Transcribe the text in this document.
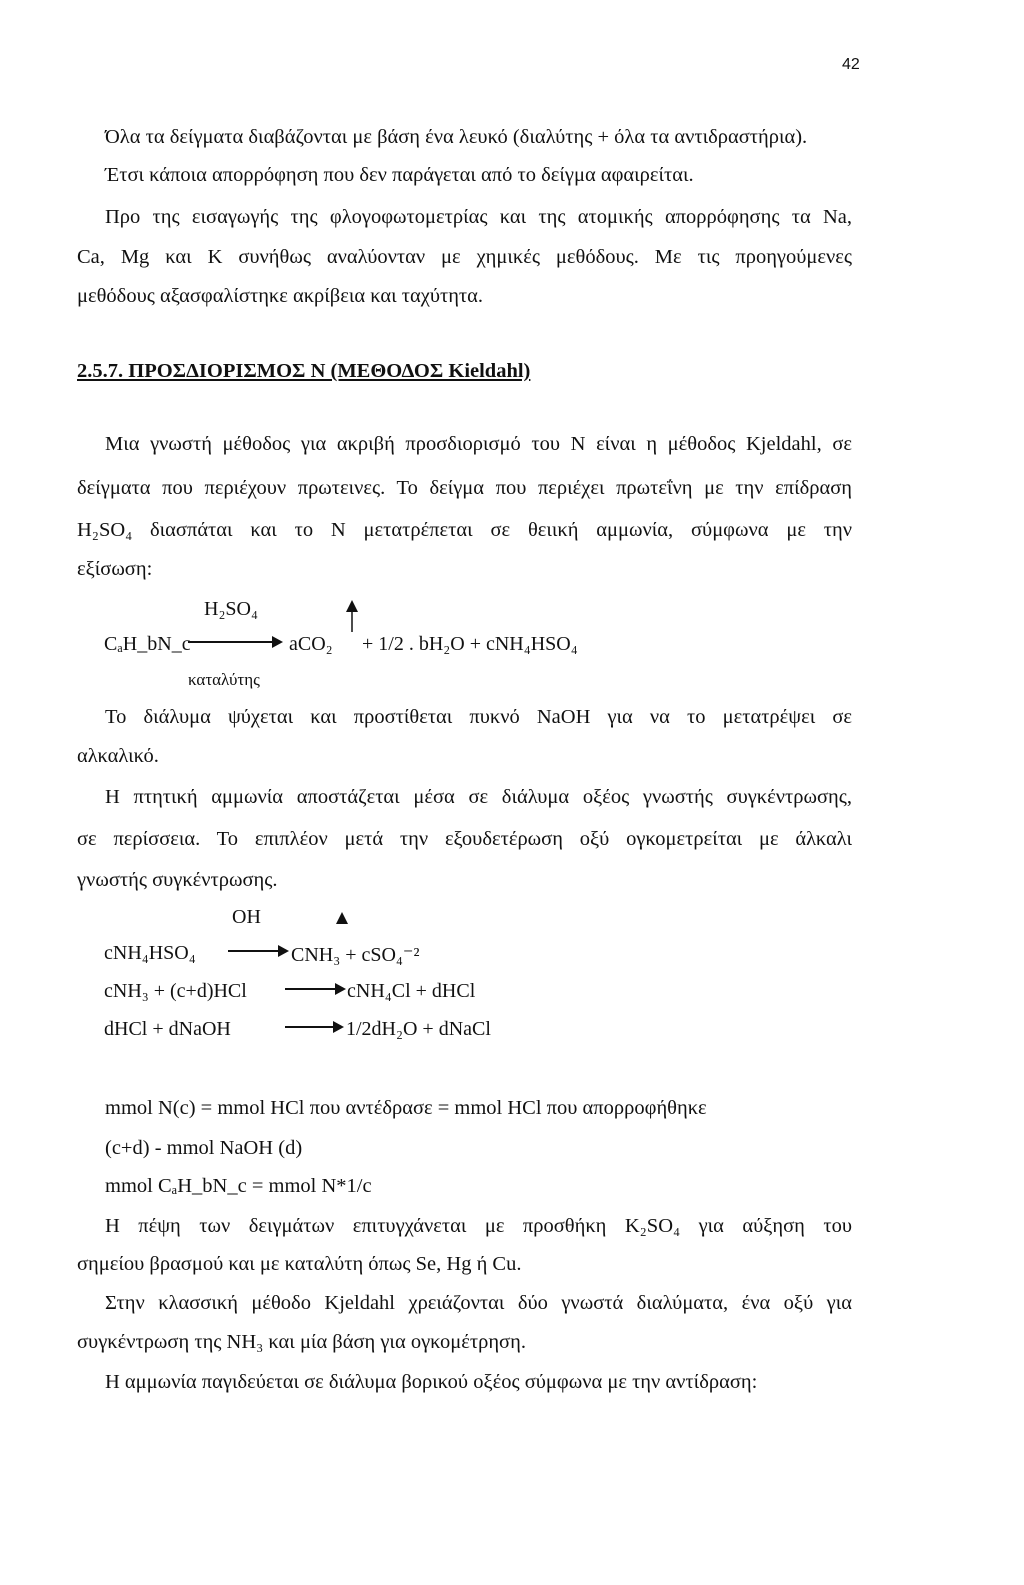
42
Όλα τα δείγματα διαβάζονται με βάση ένα λευκό (διαλύτης + όλα τα αντιδραστήρια).
Έτσι κάποια απορρόφηση που δεν παράγεται από το δείγμα αφαιρείται.
Προ της εισαγωγής της φλογοφωτομετρίας και της ατομικής απορρόφησης τα Na,
Ca, Mg και K συνήθως αναλύονταν με χημικές μεθόδους. Με τις προηγούμενες
μεθόδους αξασφαλίστηκε ακρίβεια και ταχύτητα.
2.5.7. ΠΡΟΣΔΙΟΡΙΣΜΟΣ Ν (ΜΕΘΟΔΟΣ Kieldahl)
Μια γνωστή μέθοδος για ακριβή προσδιορισμό του Ν είναι η μέθοδος Kjeldahl, σε
δείγματα που περιέχουν πρωτεινες. Το δείγμα που περιέχει πρωτεΐνη με την επίδραση
H₂SO₄ διασπάται και το Ν μετατρέπεται σε θειική αμμωνία, σύμφωνα με την
εξίσωση:
H₂SO₄
CₐH_bN_c	aCO₂ + 1/2 . bH₂O + cNH₄HSO₄
καταλύτης
Το διάλυμα ψύχεται και προστίθεται πυκνό NaOH για να το μετατρέψει σε
αλκαλικό.
Η πτητική αμμωνία αποστάζεται μέσα σε διάλυμα οξέος γνωστής συγκέντρωσης,
σε περίσσεια. Το επιπλέον μετά την εξουδετέρωση οξύ ογκομετρείται με άλκαλι
γνωστής συγκέντρωσης.
OH
cNH₄HSO₄ → CNH₃ + cSO₄⁻²
cNH₃ + (c+d)HCl → cNH₄Cl + dHCl
dHCl + dNaOH	→ 1/2dH₂O + dNaCl
mmol N(c) = mmol HCl που αντέδρασε = mmol HCl που απορροφήθηκε
(c+d) - mmol NaOH (d)
mmol CₐH_bN_c = mmol N*1/c
Η πέψη των δειγμάτων επιτυγχάνεται με προσθήκη K₂SO₄ για αύξηση του
σημείου βρασμού και με καταλύτη όπως Se, Hg ή Cu.
Στην κλασσική μέθοδο Kjeldahl χρειάζονται δύο γνωστά διαλύματα, ένα οξύ για
συγκέντρωση της NH₃ και μία βάση για ογκομέτρηση.
Η αμμωνία παγιδεύεται σε διάλυμα βορικού οξέος σύμφωνα με την αντίδραση:
